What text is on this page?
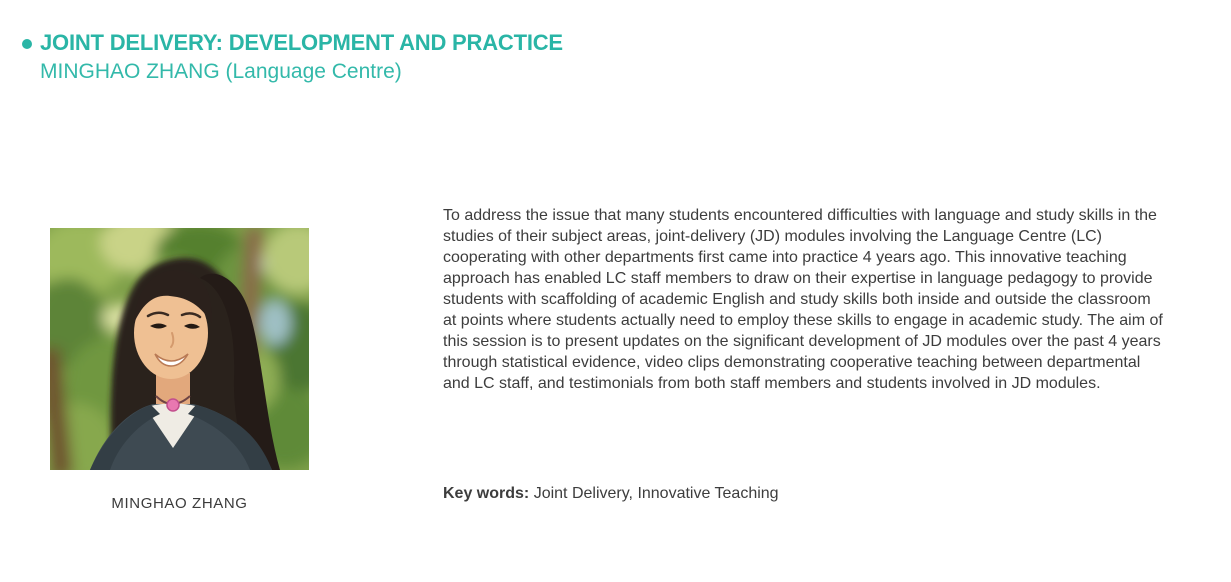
JOINT DELIVERY: DEVELOPMENT AND PRACTICE
MINGHAO ZHANG (Language Centre)
MINGHAO ZHANG

To address the issue that many students encountered difficulties with language and study skills in the studies of their subject areas, joint-delivery (JD) modules involving the Language Centre (LC) cooperating with other departments first came into practice 4 years ago. This innovative teaching approach has enabled LC staff members to draw on their expertise in language pedagogy to provide students with scaffolding of academic English and study skills both inside and outside the classroom at points where students actually need to employ these skills to engage in academic study. The aim of this session is to present updates on the significant development of JD modules over the past 4 years through statistical evidence, video clips demonstrating cooperative teaching between departmental and LC staff, and testimonials from both staff members and students involved in JD modules.

Key words: Joint Delivery, Innovative Teaching
